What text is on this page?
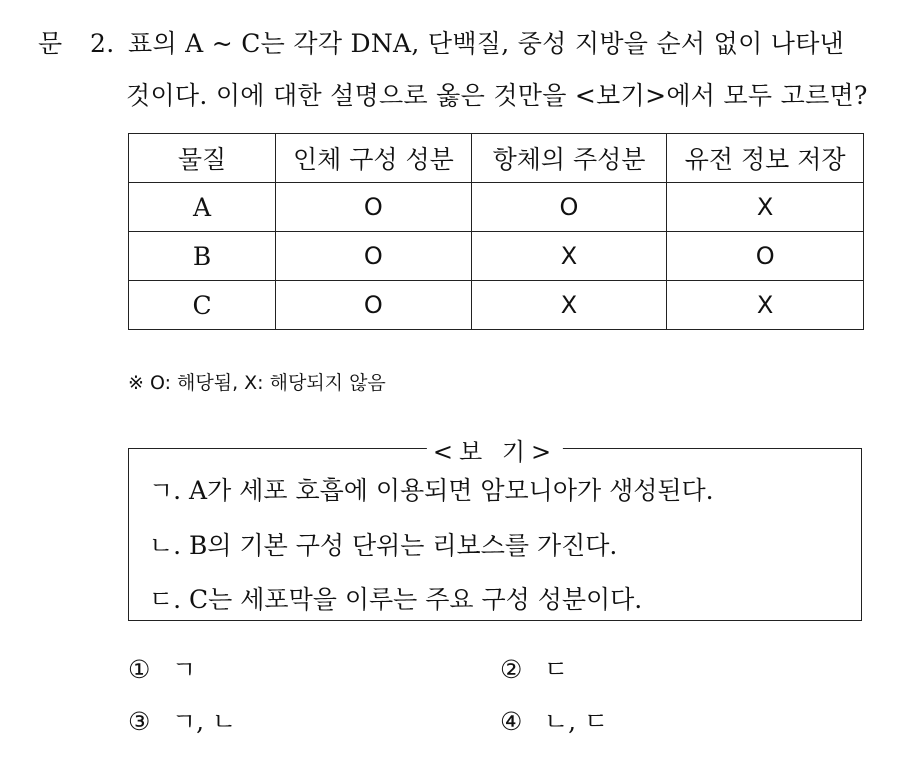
문 2. 표의 A ~ C는 각각 DNA, 단백질, 중성 지방을 순서 없이 나타낸
것이다. 이에 대한 설명으로 옳은 것만을 <보기>에서 모두 고르면?
물질	인체 구성 성분	항체의 주성분	유전 정보 저장
A	O	O	X
B	O	X	O
C	O	X	X
※ O: 해당됨, X: 해당되지 않음
<보 기>
ㄱ. A가 세포 호흡에 이용되면 암모니아가 생성된다.
ㄴ. B의 기본 구성 단위는 리보스를 가진다.
ㄷ. C는 세포막을 이루는 주요 구성 성분이다.
① ㄱ	② ㄷ
③ ㄱ, ㄴ	④ ㄴ, ㄷ
